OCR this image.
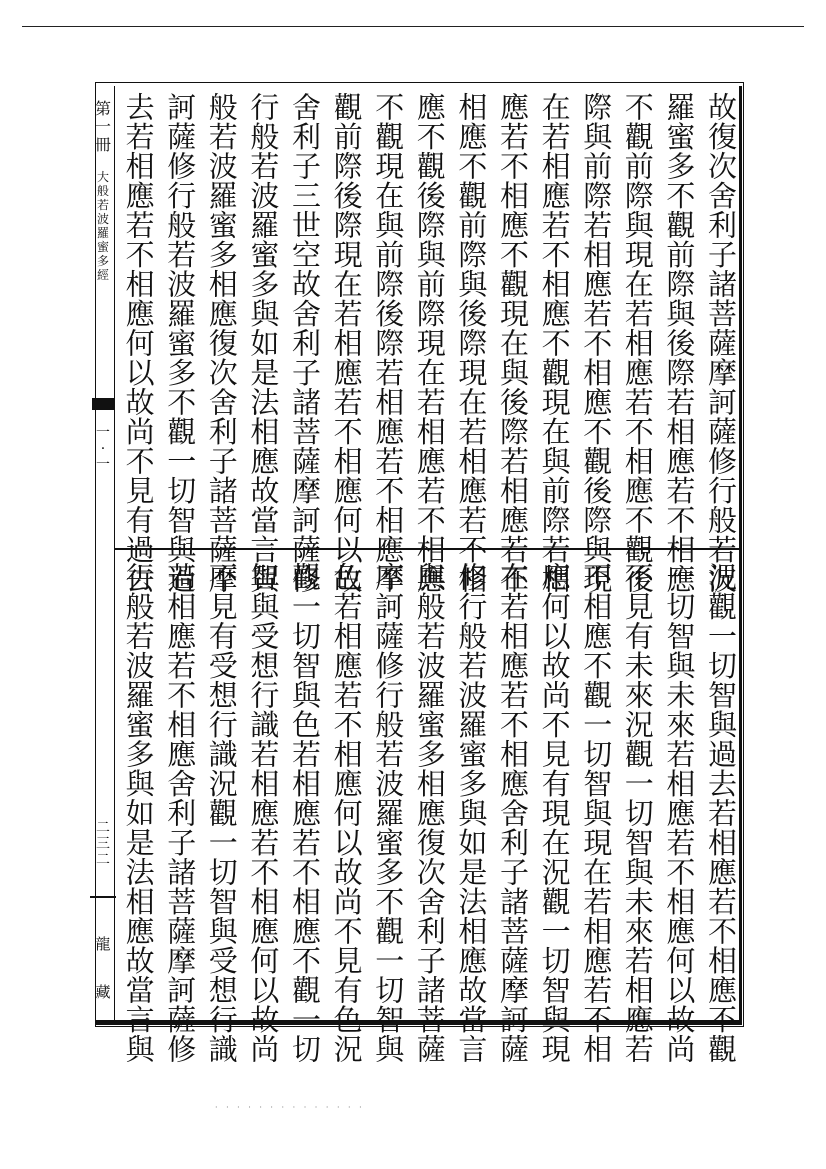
第
一
冊
大
般
若
波
羅
蜜
多
經
一
·
一
二
三
二
龍
藏
故復次舍利子諸菩薩摩訶薩修行般若波
羅蜜多不觀前際與後際若相應若不相應
不觀前際與現在若相應若不相應不觀後
際與前際若相應若不相應不觀後際與現
在若相應若不相應不觀現在與前際若相
應若不相應不觀現在與後際若相應若不
相應不觀前際與後際現在若相應若不相
應不觀後際與前際現在若相應若不相應
不觀現在與前際後際若相應若不相應不
觀前際後際現在若相應若不相應何以故
舍利子三世空故舍利子諸菩薩摩訶薩修
行般若波羅蜜多與如是法相應故當言與
般若波羅蜜多相應復次舍利子諸菩薩摩
訶薩修行般若波羅蜜多不觀一切智與過
去若相應若不相應何以故尚不見有過去
況觀一切智與過去若相應若不相應不觀
一切智與未來若相應若不相應何以故尚
不見有未來況觀一切智與未來若相應若
不相應不觀一切智與現在若相應若不相
應何以故尚不見有現在況觀一切智與現
在若相應若不相應舍利子諸菩薩摩訶薩
修行般若波羅蜜多與如是法相應故當言
與般若波羅蜜多相應復次舍利子諸菩薩
摩訶薩修行般若波羅蜜多不觀一切智與
色若相應若不相應何以故尚不見有色況
觀一切智與色若相應若不相應不觀一切
智與受想行識若相應若不相應何以故尚
不見有受想行識況觀一切智與受想行識
若相應若不相應舍利子諸菩薩摩訶薩修
行般若波羅蜜多與如是法相應故當言與
· · · · · · · · · · · · · ·
